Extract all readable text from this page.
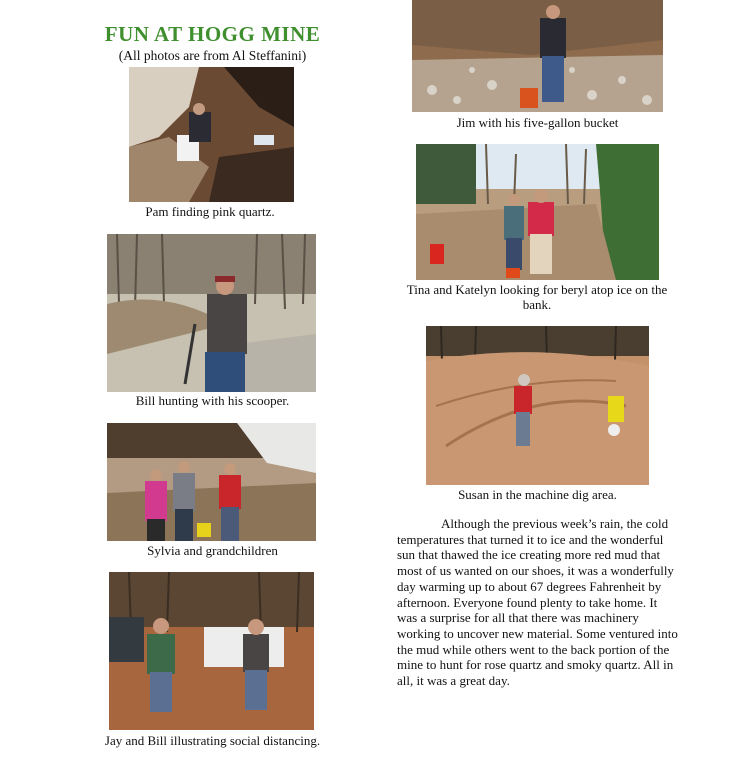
FUN AT HOGG MINE
(All photos are from Al Steffanini)
Pam finding pink quartz.
Bill hunting with his scooper.
Sylvia and grandchildren
Jay and Bill illustrating social distancing.
Jim with his five-gallon bucket
Tina and Katelyn looking for beryl atop ice on the bank.
Susan in the machine dig area.
Although the previous week’s rain, the cold temperatures that turned it to ice and the wonderful sun that thawed the ice creating more red mud that most of us wanted on our shoes, it was a wonderfully day warming up to about 67 degrees Fahrenheit by afternoon. Everyone found plenty to take home. It was a surprise for all that there was machinery working to uncover new material. Some ventured into the mud while others went to the back portion of the mine to hunt for rose quartz and smoky quartz. All in all, it was a great day.
